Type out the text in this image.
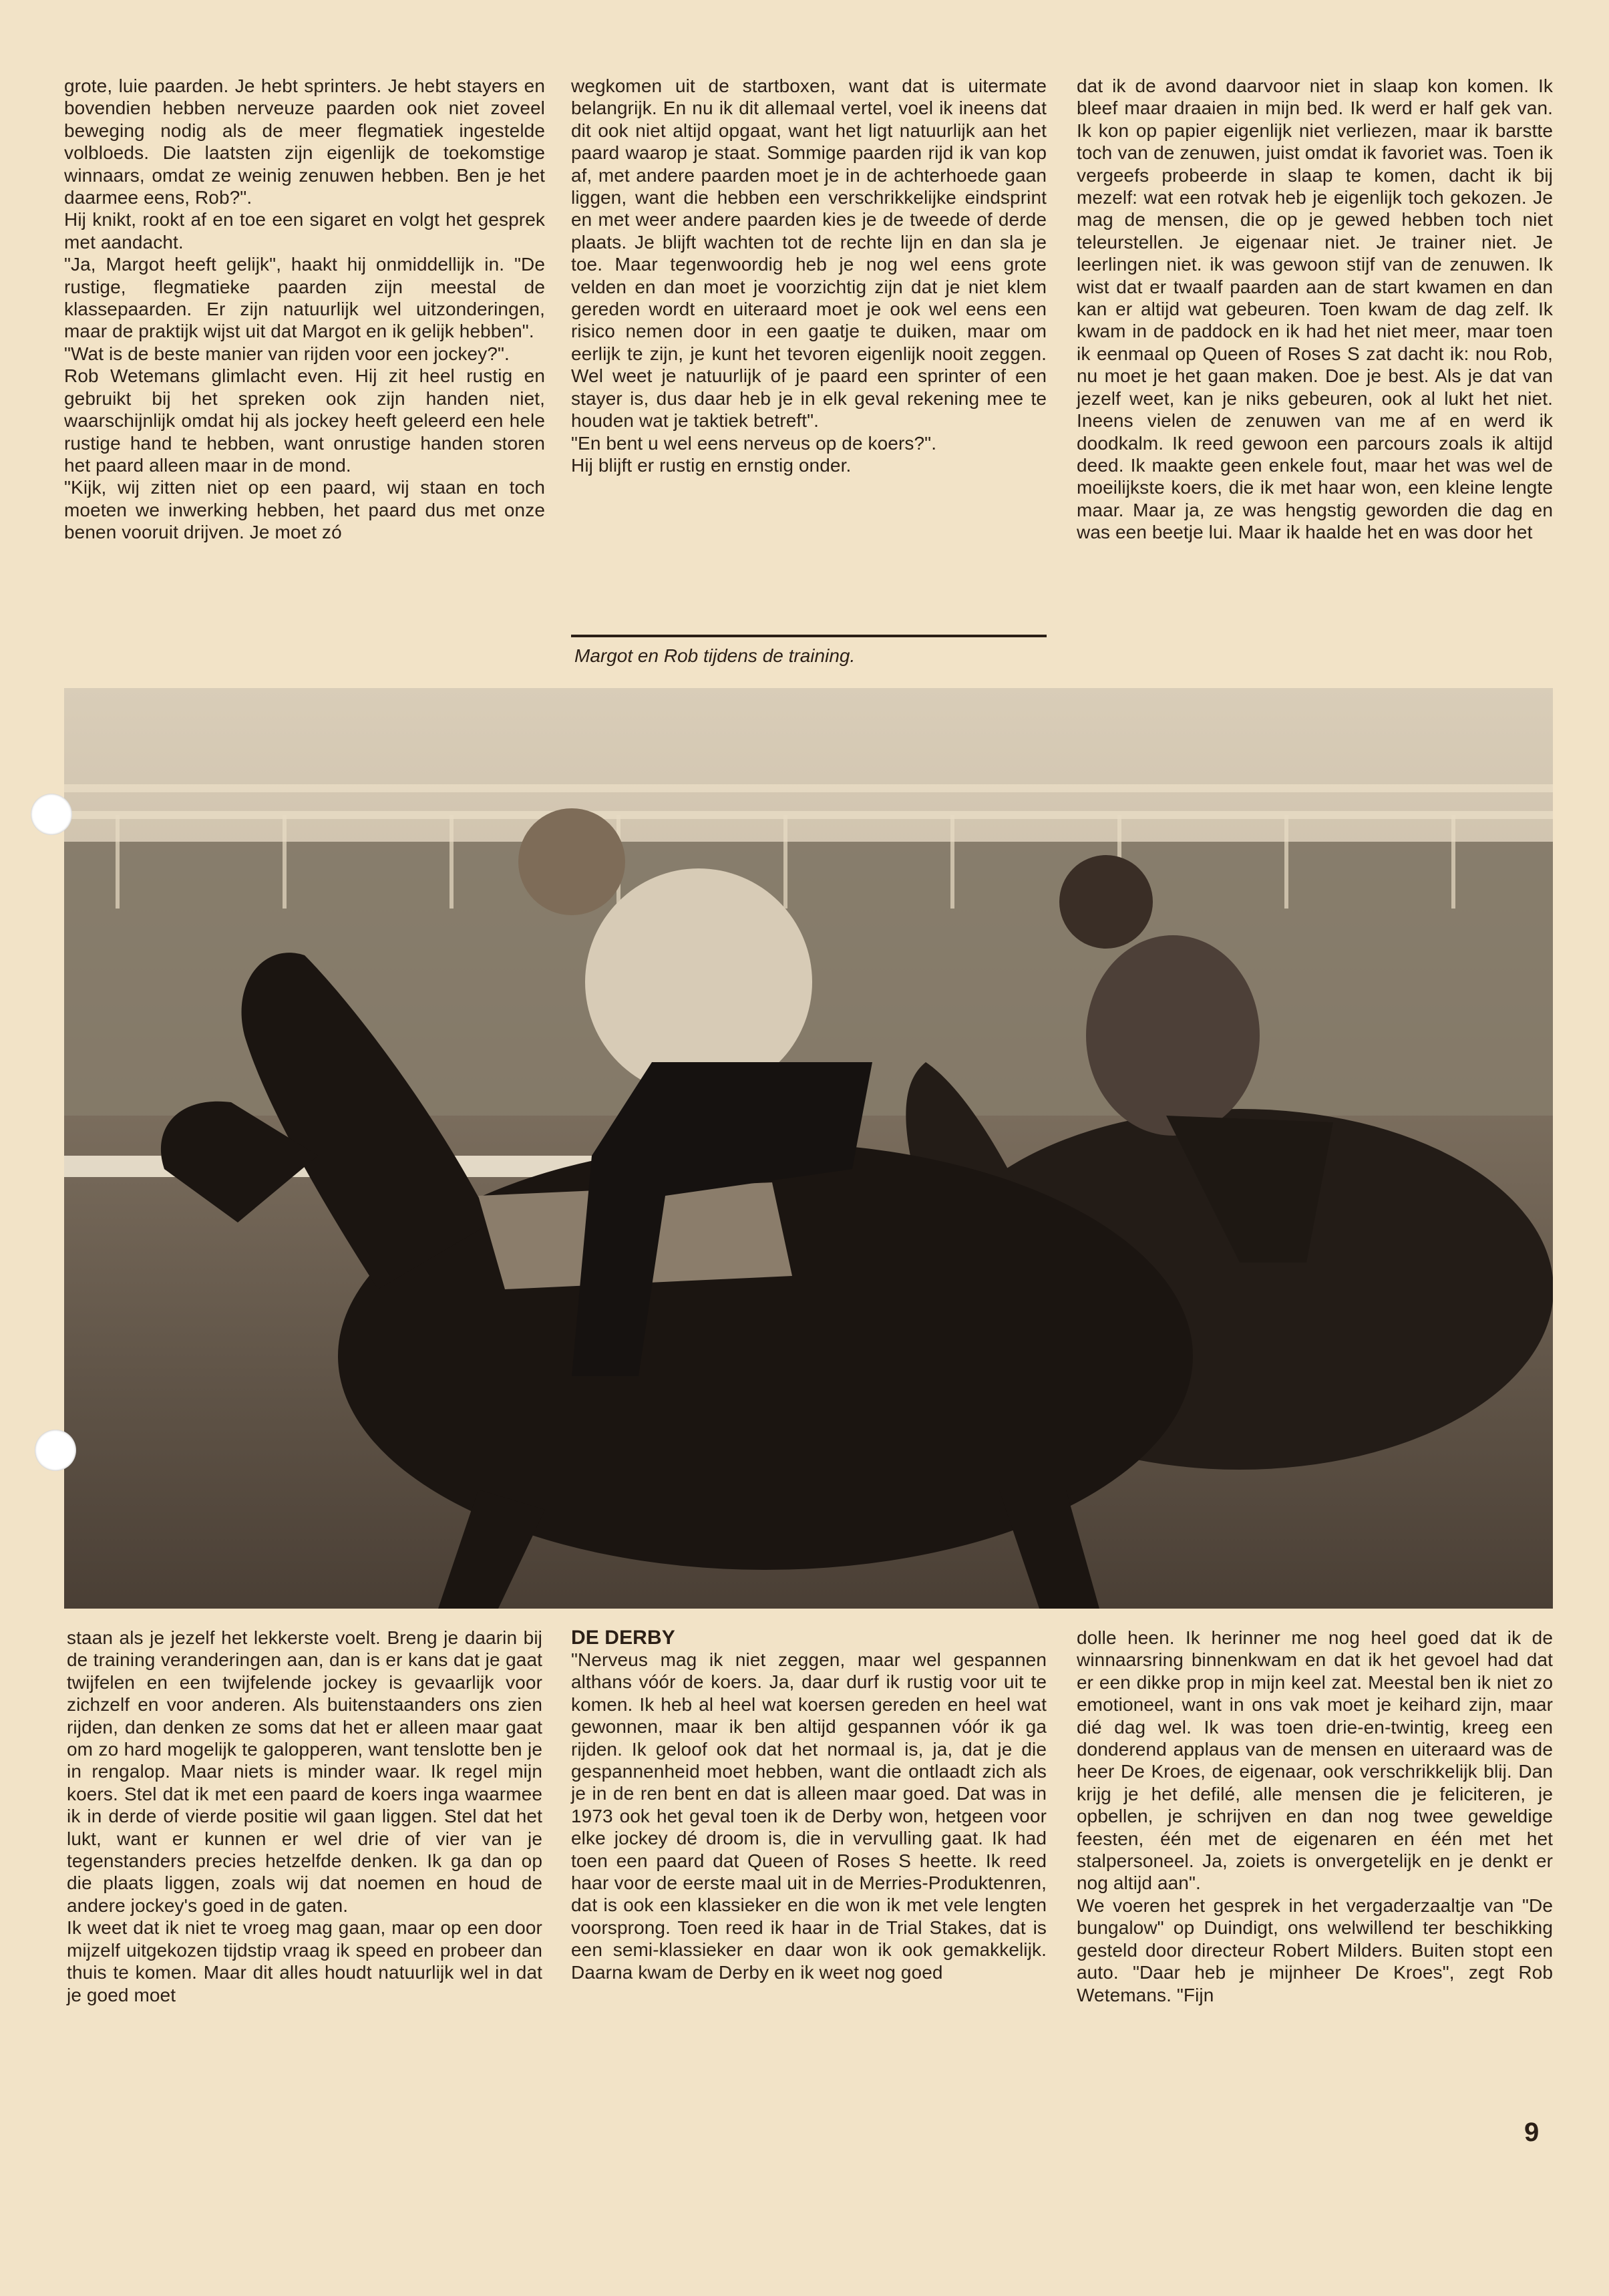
grote, luie paarden. Je hebt sprinters. Je hebt stayers en bovendien hebben nerveuze paarden ook niet zoveel beweging nodig als de meer flegmatiek ingestelde volbloeds. Die laatsten zijn eigenlijk de toekomstige winnaars, omdat ze weinig zenuwen hebben. Ben je het daarmee eens, Rob?".

Hij knikt, rookt af en toe een sigaret en volgt het gesprek met aandacht.

"Ja, Margot heeft gelijk", haakt hij onmiddellijk in. "De rustige, flegmatieke paarden zijn meestal de klassepaarden. Er zijn natuurlijk wel uitzonderingen, maar de praktijk wijst uit dat Margot en ik gelijk hebben".

"Wat is de beste manier van rijden voor een jockey?".

Rob Wetemans glimlacht even. Hij zit heel rustig en gebruikt bij het spreken ook zijn handen niet, waarschijnlijk omdat hij als jockey heeft geleerd een hele rustige hand te hebben, want onrustige handen storen het paard alleen maar in de mond.

"Kijk, wij zitten niet op een paard, wij staan en toch moeten we inwerking hebben, het paard dus met onze benen vooruit drijven. Je moet zó

wegkomen uit de startboxen, want dat is uitermate belangrijk. En nu ik dit allemaal vertel, voel ik ineens dat dit ook niet altijd opgaat, want het ligt natuurlijk aan het paard waarop je staat. Sommige paarden rijd ik van kop af, met andere paarden moet je in de achterhoede gaan liggen, want die hebben een verschrikkelijke eindsprint en met weer andere paarden kies je de tweede of derde plaats. Je blijft wachten tot de rechte lijn en dan sla je toe. Maar tegenwoordig heb je nog wel eens grote velden en dan moet je voorzichtig zijn dat je niet klem gereden wordt en uiteraard moet je ook wel eens een risico nemen door in een gaatje te duiken, maar om eerlijk te zijn, je kunt het tevoren eigenlijk nooit zeggen. Wel weet je natuurlijk of je paard een sprinter of een stayer is, dus daar heb je in elk geval rekening mee te houden wat je taktiek betreft".

"En bent u wel eens nerveus op de koers?".

Hij blijft er rustig en ernstig onder.

Margot en Rob tijdens de training.

dat ik de avond daarvoor niet in slaap kon komen. Ik bleef maar draaien in mijn bed. Ik werd er half gek van. Ik kon op papier eigenlijk niet verliezen, maar ik barstte toch van de zenuwen, juist omdat ik favoriet was. Toen ik vergeefs probeerde in slaap te komen, dacht ik bij mezelf: wat een rotvak heb je eigenlijk toch gekozen. Je mag de mensen, die op je gewed hebben toch niet teleurstellen. Je eigenaar niet. Je trainer niet. Je leerlingen niet. ik was gewoon stijf van de zenuwen. Ik wist dat er twaalf paarden aan de start kwamen en dan kan er altijd wat gebeuren. Toen kwam de dag zelf. Ik kwam in de paddock en ik had het niet meer, maar toen ik eenmaal op Queen of Roses S zat dacht ik: nou Rob, nu moet je het gaan maken. Doe je best. Als je dat van jezelf weet, kan je niks gebeuren, ook al lukt het niet. Ineens vielen de zenuwen van me af en werd ik doodkalm. Ik reed gewoon een parcours zoals ik altijd deed. Ik maakte geen enkele fout, maar het was wel de moeilijkste koers, die ik met haar won, een kleine lengte maar. Maar ja, ze was hengstig geworden die dag en was een beetje lui. Maar ik haalde het en was door het

staan als je jezelf het lekkerste voelt. Breng je daarin bij de training veranderingen aan, dan is er kans dat je gaat twijfelen en een twijfelende jockey is gevaarlijk voor zichzelf en voor anderen. Als buitenstaanders ons zien rijden, dan denken ze soms dat het er alleen maar gaat om zo hard mogelijk te galopperen, want tenslotte ben je in rengalop. Maar niets is minder waar. Ik regel mijn koers. Stel dat ik met een paard de koers inga waarmee ik in derde of vierde positie wil gaan liggen. Stel dat het lukt, want er kunnen er wel drie of vier van je tegenstanders precies hetzelfde denken. Ik ga dan op die plaats liggen, zoals wij dat noemen en houd de andere jockey's goed in de gaten.

Ik weet dat ik niet te vroeg mag gaan, maar op een door mijzelf uitgekozen tijdstip vraag ik speed en probeer dan thuis te komen. Maar dit alles houdt natuurlijk wel in dat je goed moet

DE DERBY

"Nerveus mag ik niet zeggen, maar wel gespannen althans vóór de koers. Ja, daar durf ik rustig voor uit te komen. Ik heb al heel wat koersen gereden en heel wat gewonnen, maar ik ben altijd gespannen vóór ik ga rijden. Ik geloof ook dat het normaal is, ja, dat je die gespannenheid moet hebben, want die ontlaadt zich als je in de ren bent en dat is alleen maar goed. Dat was in 1973 ook het geval toen ik de Derby won, hetgeen voor elke jockey dé droom is, die in vervulling gaat. Ik had toen een paard dat Queen of Roses S heette. Ik reed haar voor de eerste maal uit in de Merries-Produktenren, dat is ook een klassieker en die won ik met vele lengten voorsprong. Toen reed ik haar in de Trial Stakes, dat is een semi-klassieker en daar won ik ook gemakkelijk. Daarna kwam de Derby en ik weet nog goed

dolle heen. Ik herinner me nog heel goed dat ik de winnaarsring binnenkwam en dat ik het gevoel had dat er een dikke prop in mijn keel zat. Meestal ben ik niet zo emotioneel, want in ons vak moet je keihard zijn, maar dié dag wel. Ik was toen drie-en-twintig, kreeg een donderend applaus van de mensen en uiteraard was de heer De Kroes, de eigenaar, ook verschrikkelijk blij. Dan krijg je het defilé, alle mensen die je feliciteren, je opbellen, je schrijven en dan nog twee geweldige feesten, één met de eigenaren en één met het stalpersoneel. Ja, zoiets is onvergetelijk en je denkt er nog altijd aan".

We voeren het gesprek in het vergaderzaaltje van "De bungalow" op Duindigt, ons welwillend ter beschikking gesteld door directeur Robert Milders. Buiten stopt een auto. "Daar heb je mijnheer De Kroes", zegt Rob Wetemans. "Fijn

9
